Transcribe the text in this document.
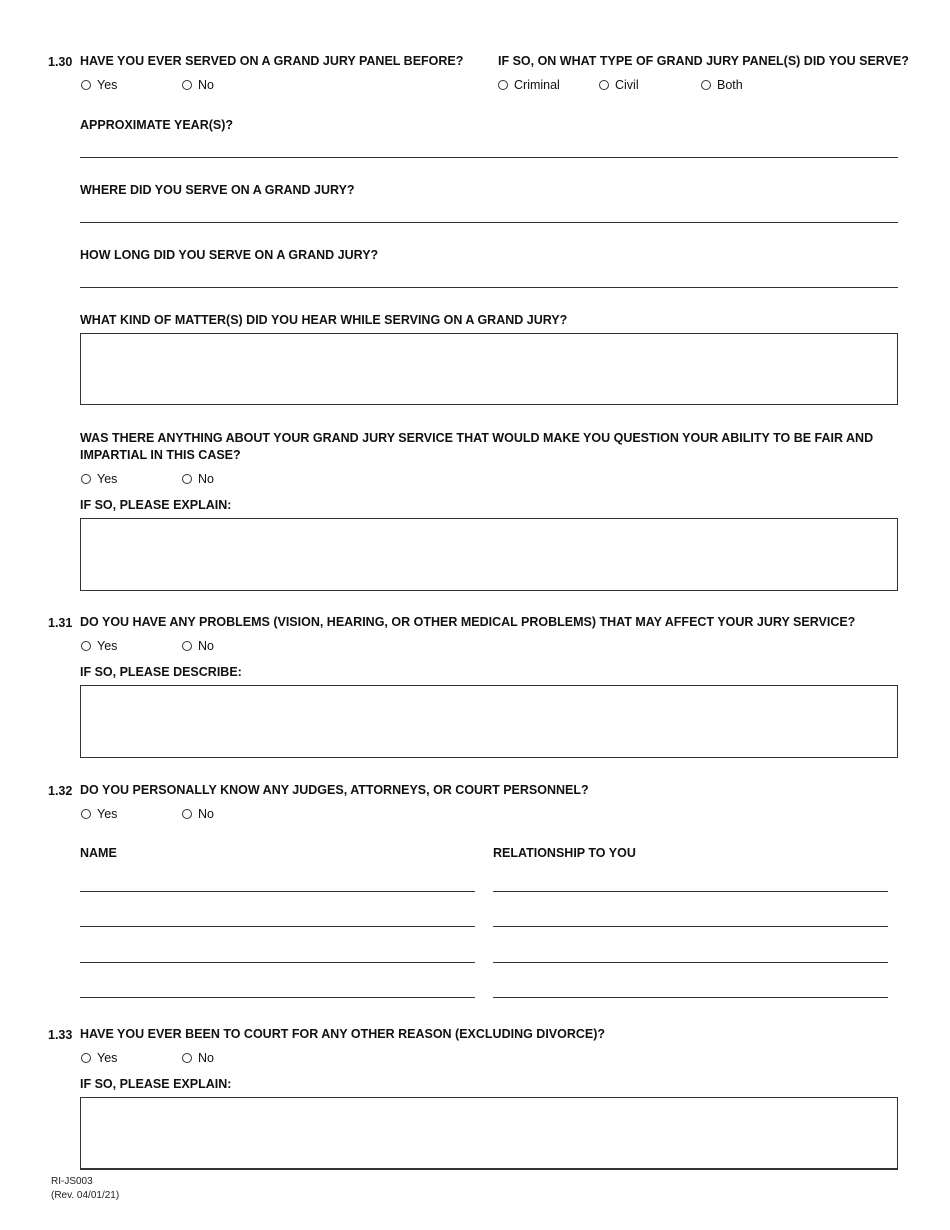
1.30 HAVE YOU EVER SERVED ON A GRAND JURY PANEL BEFORE?
Yes	No
IF SO, ON WHAT TYPE OF GRAND JURY PANEL(S) DID YOU SERVE?
Criminal	Civil	Both
APPROXIMATE YEAR(S)?
WHERE DID YOU SERVE ON A GRAND JURY?
HOW LONG DID YOU SERVE ON A GRAND JURY?
WHAT KIND OF MATTER(S) DID YOU HEAR WHILE SERVING ON A GRAND JURY?
WAS THERE ANYTHING ABOUT YOUR GRAND JURY SERVICE THAT WOULD MAKE YOU QUESTION YOUR ABILITY TO BE FAIR AND IMPARTIAL IN THIS CASE?
Yes	No
IF SO, PLEASE EXPLAIN:
1.31 DO YOU HAVE ANY PROBLEMS (VISION, HEARING, OR OTHER MEDICAL PROBLEMS) THAT MAY AFFECT YOUR JURY SERVICE?
Yes	No
IF SO, PLEASE DESCRIBE:
1.32 DO YOU PERSONALLY KNOW ANY JUDGES, ATTORNEYS, OR COURT PERSONNEL?
Yes	No
NAME	RELATIONSHIP TO YOU
1.33 HAVE YOU EVER BEEN TO COURT FOR ANY OTHER REASON (EXCLUDING DIVORCE)?
Yes	No
IF SO, PLEASE EXPLAIN:
RI-JS003
(Rev. 04/01/21)
